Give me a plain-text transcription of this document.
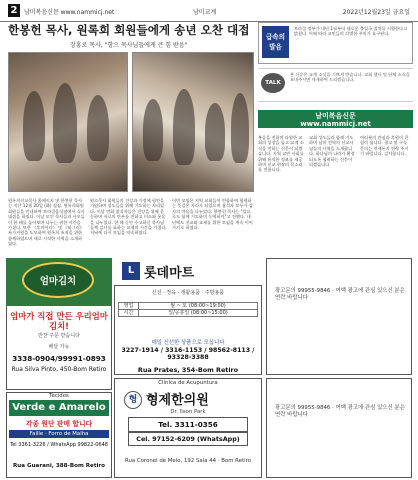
2	남미복음신문 www.nammicj.net	남미교계	2022년12월23일 금요일
한봉헌 목사, 원록희 회원들에게 송년 오찬 대접
장홍로 목사, "함으 목사님들에게 큰 힘 받음"
급속의 발음
브라질 정부가 내년 1월부터 새로운 출입국 절차를 시행한다고 밝혔다. 이에 따라 교민들의 각별한 주의가 요구된다.
TALK
본 신문은 교계 소식을 기쁘게 받습니다. 교회 행사 및 단체 소식을 보내주시면 게재하여 드리겠습니다.
남미복음신문
www.nammicj.net
복음을 전하며 다양한 교회의 성장을 돕고 교계 소식을 전하는 신문이 되겠습니다. 지역 교민 사회를 위해 유익한 정보를 제공하며 선교 현장의 목소리를 전합니다.
교회 성도들과 함께 기도하며 남미 전역의 선교사님들의 사역을 소개합니다. 하나님의 나라가 확장되도록 협력하는 신문이 되겠습니다.
여러분의 관심과 후원이 큰 힘이 됩니다. 광고 및 구독 문의는 언제든지 연락 주시기 바랍니다. 감사합니다.
원록희선교목사 홈페이지 및 한봉헌 목사는 지난 12월 20일 (화) 점심, 원록희회원 회원들을 안내하여 브라질음식점에서 식사 대접을 하였다. 이날 모인 목사들과 사모들이 한 해를 돌아보며 나누는 귀한 시간을 가졌다. 또한 《후마이타》 및 《따그리》 특가지원을 도모하여 원록희 조직을 위한 함께하였으며 새로 시작한 사역을 소개하였다.
원로목사 회원들의 건강과 가정에 평안을 기원하며 성도들을 위해 기도하는 자리였다. 이날 연회 참석자들은 건강을 위해 운동하며 서로의 안부를 전하고 미소와 웃음을 나누었다. 한 해 동안 수고하신 목사님들께 감사를 표하는 교제의 시간을 가졌다. 저녁에 다시 모임을 약속하였다.
이번 모임은 지역 교회들이 연합하여 협력하는 뜻깊은 자리가 되었으며 참석자 모두가 감사의 마음을 나누었다. 한봉헌 목사는 "앞으로도 함께 기도하며 동역하자"고 전했다. 내년에도 선교와 교제를 위한 모임을 계속 이어가기로 하였다.
엄마김치
엄마가 직접 만든 우리엄마 김치!
반찬 주문 받습니다
배달 가능
3338-0904/99991-0893
Rua Silva Pinto, 450-Bom Retiro
L 롯데마트
신선 · 정육 · 생활용품 · 주방용품
영업	월 ~ 토 (08:00~19:00)
시간	일/공휴일 (08:00~15:00)
매일 신선한 상품으로 모십니다
3227-1914 / 3316-1153 / 98562-8113 / 93328-3388
Rua Prates, 354-Bom Retiro
광고문의 99955-9846 · 여백 광고에 관심 있으신 분은 연락 바랍니다
Tecidos
Verde e Amarelo
각종 원단 판매 합니다
Faille · Forro de Malha
Tel 3361-3226 / WhatsApp 99822-0648
Rua Guarani, 388-Bom Retiro
Clínica de Acupuntura
형 형제한의원
Dr. Ilson Park
Tel. 3311-0356
Cel. 97152-6209 (WhatsApp)
Rua Coronel de Melo, 192 Sala 44 · Bom Retiro
광고문의 99955-9846 · 여백 광고에 관심 있으신 분은 연락 바랍니다
